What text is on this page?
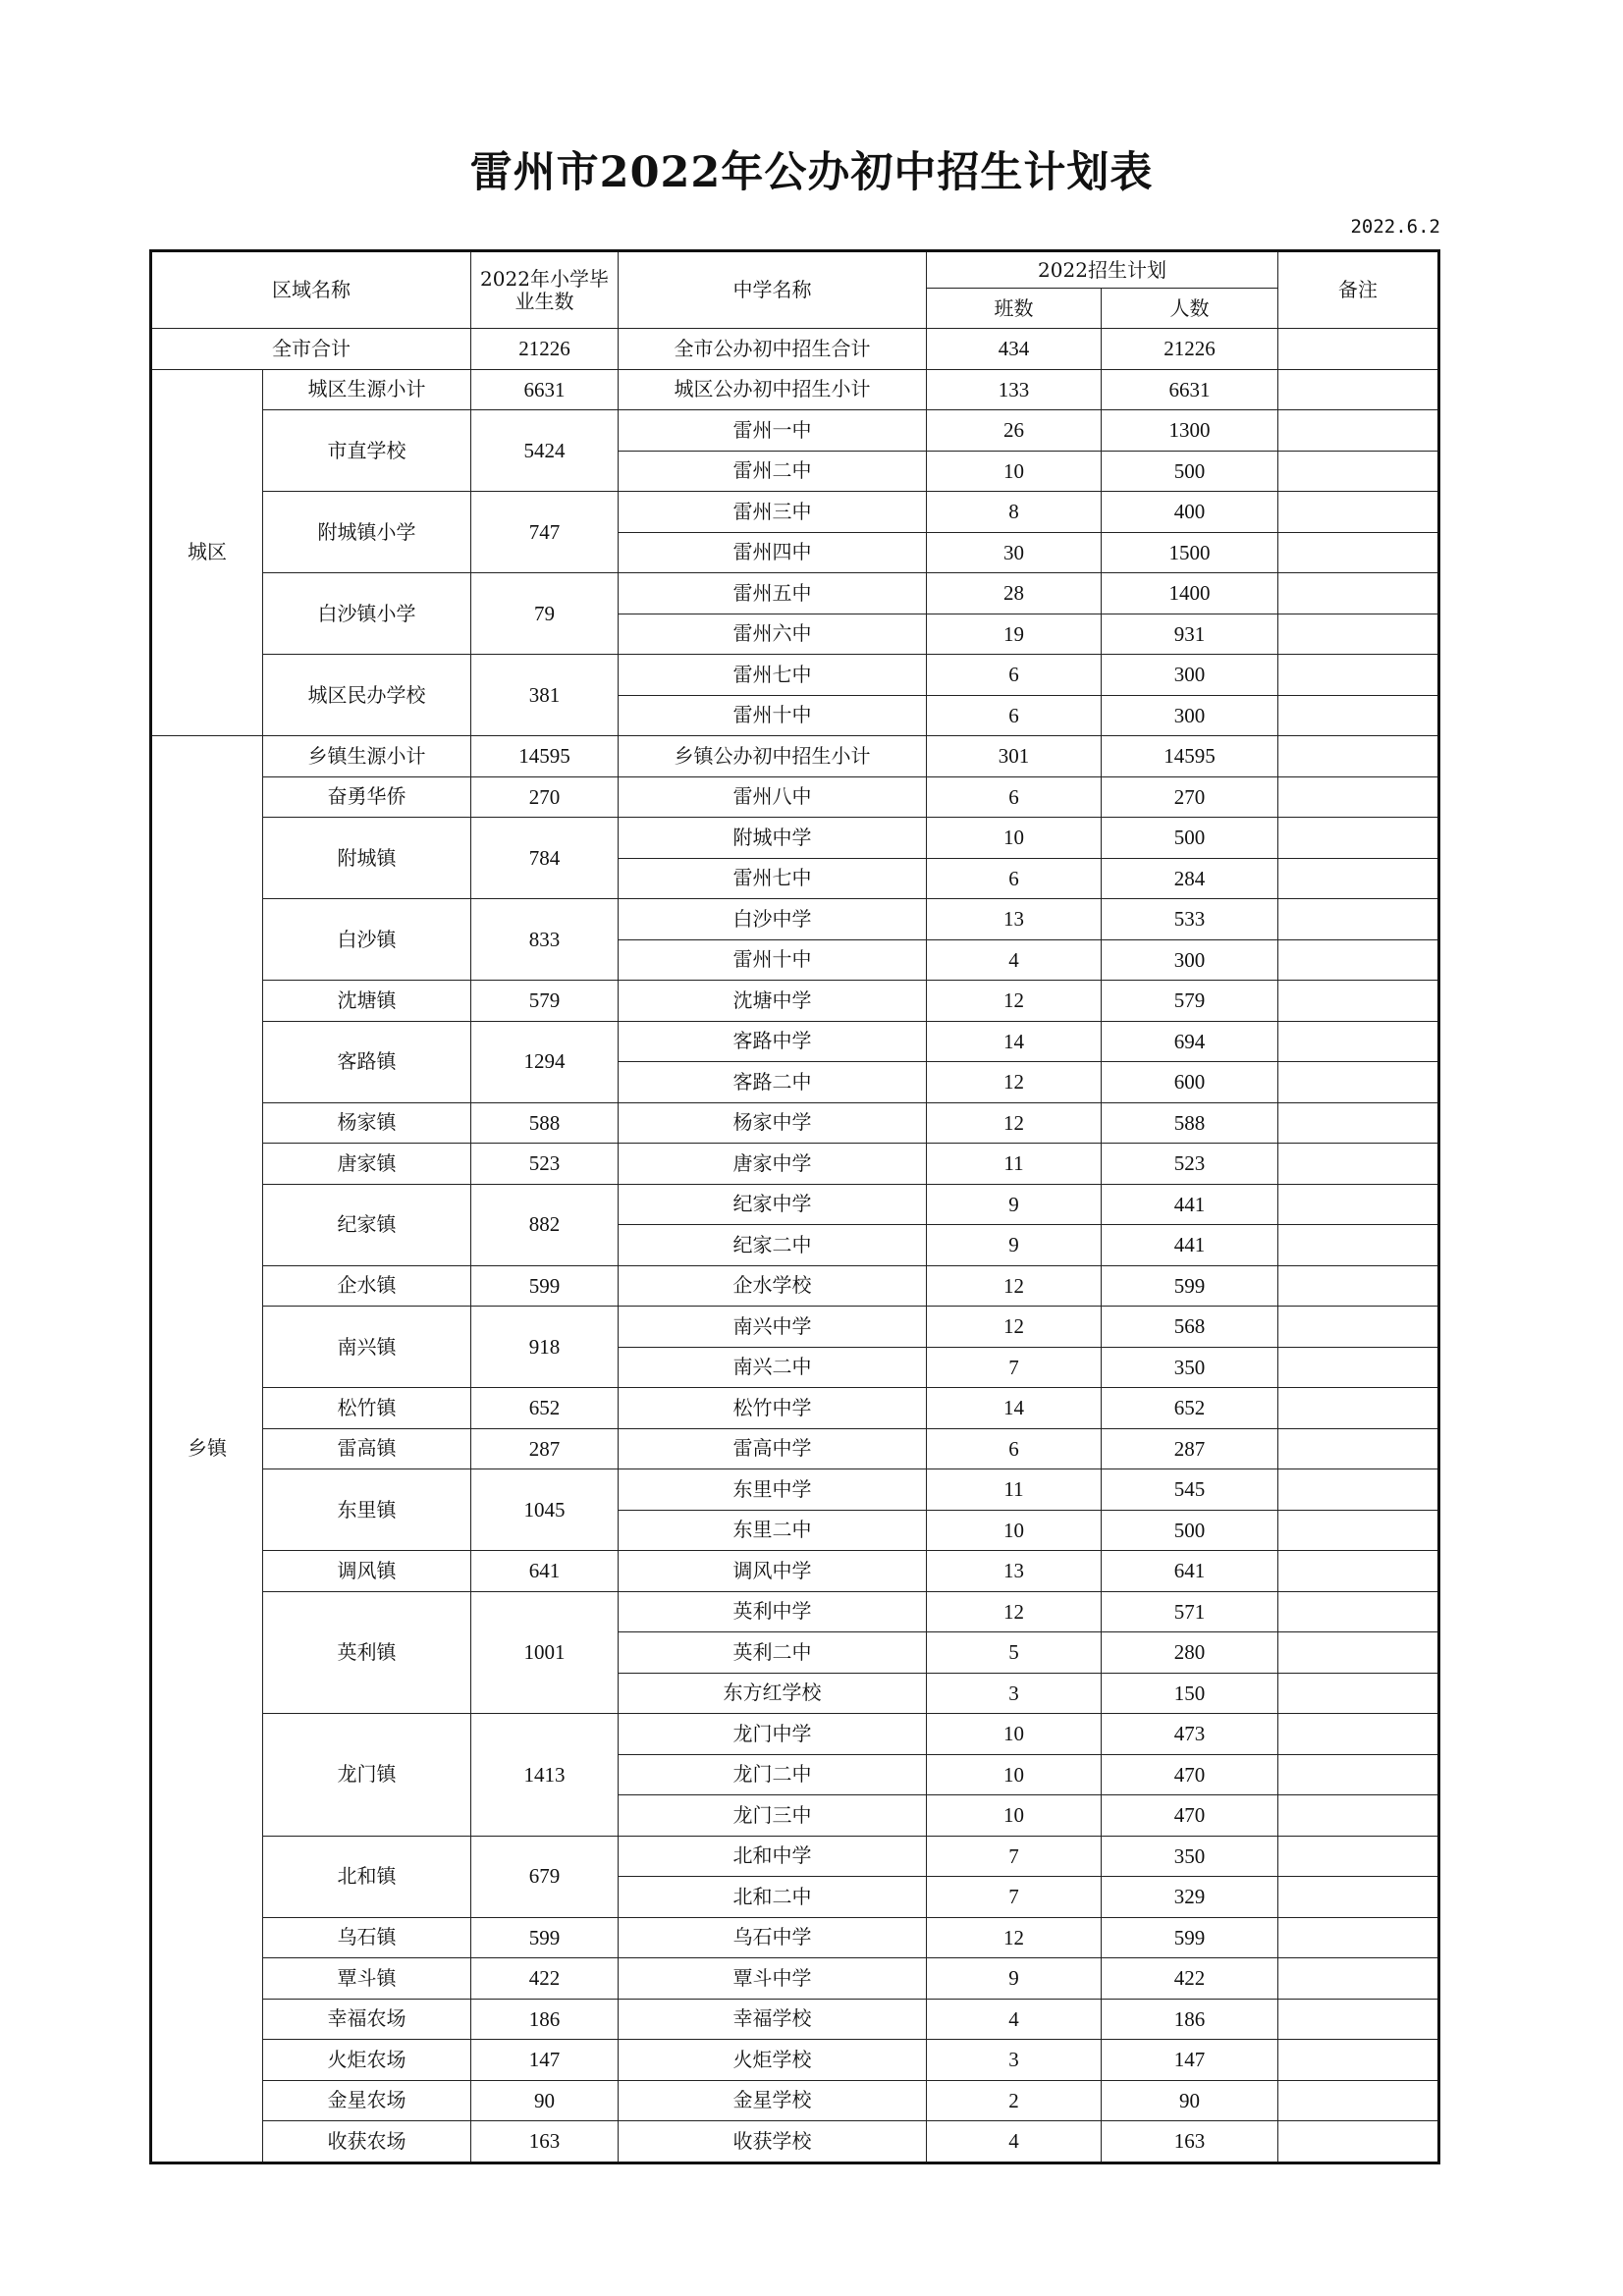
雷州市2022年公办初中招生计划表
2022.6.2
区域名称		2022年小学毕业生数	中学名称	2022招生计划		备注
				班数	人数	
全市合计		21226	全市公办初中招生合计	434	21226	
城区	城区生源小计	6631	城区公办初中招生小计	133	6631	
	市直学校	5424	雷州一中	26	1300	
			雷州二中	10	500	
	附城镇小学	747	雷州三中	8	400	
			雷州四中	30	1500	
	白沙镇小学	79	雷州五中	28	1400	
			雷州六中	19	931	
	城区民办学校	381	雷州七中	6	300	
			雷州十中	6	300	
乡镇	乡镇生源小计	14595	乡镇公办初中招生小计	301	14595	
	奋勇华侨	270	雷州八中	6	270	
	附城镇	784	附城中学	10	500	
			雷州七中	6	284	
	白沙镇	833	白沙中学	13	533	
			雷州十中	4	300	
	沈塘镇	579	沈塘中学	12	579	
	客路镇	1294	客路中学	14	694	
			客路二中	12	600	
	杨家镇	588	杨家中学	12	588	
	唐家镇	523	唐家中学	11	523	
	纪家镇	882	纪家中学	9	441	
			纪家二中	9	441	
	企水镇	599	企水学校	12	599	
	南兴镇	918	南兴中学	12	568	
			南兴二中	7	350	
	松竹镇	652	松竹中学	14	652	
	雷高镇	287	雷高中学	6	287	
	东里镇	1045	东里中学	11	545	
			东里二中	10	500	
	调风镇	641	调风中学	13	641	
	英利镇	1001	英利中学	12	571	
			英利二中	5	280	
			东方红学校	3	150	
	龙门镇	1413	龙门中学	10	473	
			龙门二中	10	470	
			龙门三中	10	470	
	北和镇	679	北和中学	7	350	
			北和二中	7	329	
	乌石镇	599	乌石中学	12	599	
	覃斗镇	422	覃斗中学	9	422	
	幸福农场	186	幸福学校	4	186	
	火炬农场	147	火炬学校	3	147	
	金星农场	90	金星学校	2	90	
	收获农场	163	收获学校	4	163	
